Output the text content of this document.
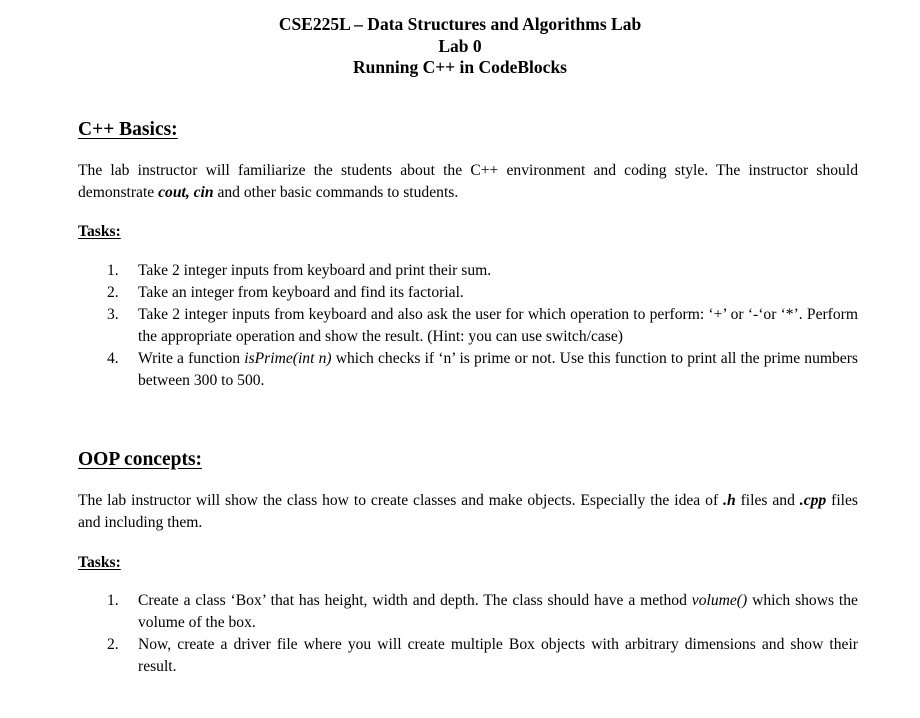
CSE225L – Data Structures and Algorithms Lab
Lab 0
Running C++ in CodeBlocks
C++ Basics:
The lab instructor will familiarize the students about the C++ environment and coding style. The instructor should demonstrate cout, cin and other basic commands to students.
Tasks:
1. Take 2 integer inputs from keyboard and print their sum.
2. Take an integer from keyboard and find its factorial.
3. Take 2 integer inputs from keyboard and also ask the user for which operation to perform: ‘+’ or ‘-‘or ‘*’. Perform the appropriate operation and show the result. (Hint: you can use switch/case)
4. Write a function isPrime(int n) which checks if ‘n’ is prime or not. Use this function to print all the prime numbers between 300 to 500.
OOP concepts:
The lab instructor will show the class how to create classes and make objects. Especially the idea of .h files and .cpp files and including them.
Tasks:
1. Create a class ‘Box’ that has height, width and depth. The class should have a method volume() which shows the volume of the box.
2. Now, create a driver file where you will create multiple Box objects with arbitrary dimensions and show their result.
